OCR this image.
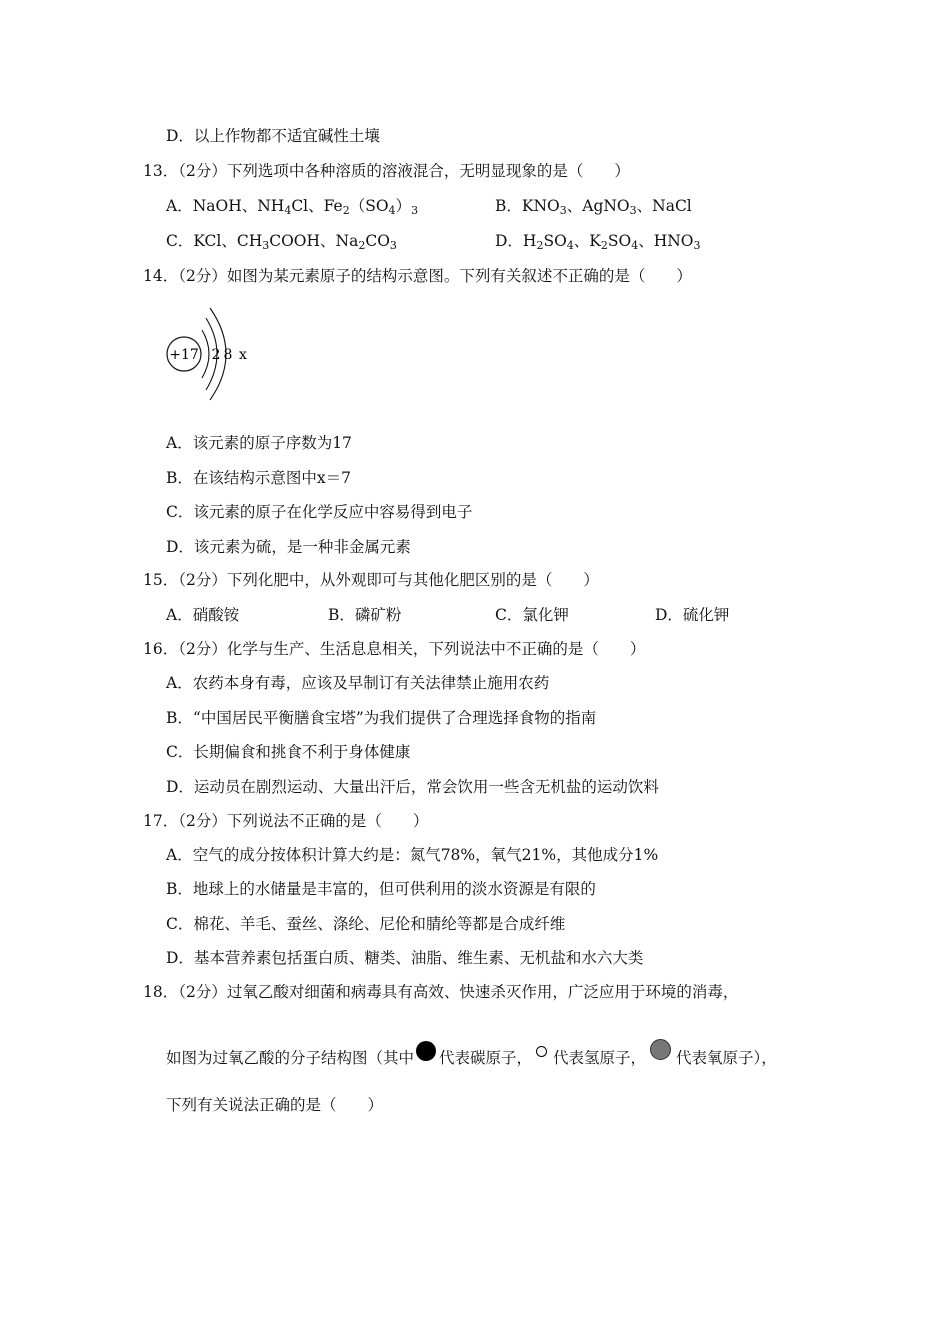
D．以上作物都不适宜碱性土壤
13．（2分）下列选项中各种溶质的溶液混合，无明显现象的是（　　）
A．NaOH、$NH_4Cl$、$Fe_2(SO_4)_3$	B．$KNO_3$、AgNO$_3$、NaCl
C．KCl、$CH_3COOH$、$Na_2CO_3$	D．$H_2SO_4$、$K_2SO_4$、$HNO_3$
14．（2分）如图为某元素原子的结构示意图。下列有关叙述不正确的是（　　）
+17 2 8 x
A．该元素的原子序数为17
B．在该结构示意图中x＝7
C．该元素的原子在化学反应中容易得到电子
D．该元素为硫，是一种非金属元素
15．（2分）下列化肥中，从外观即可与其他化肥区别的是（　　）
A．硝酸铵	B．磷矿粉	C．氯化钾	D．硫化钾
16．（2分）化学与生产、生活息息相关，下列说法中不正确的是（　　）
A．农药本身有毒，应该及早制订有关法律禁止施用农药
B．“中国居民平衡膳食宝塔”为我们提供了合理选择食物的指南
C．长期偏食和挑食不利于身体健康
D．运动员在剧烈运动、大量出汗后，常会饮用一些含无机盐的运动饮料
17．（2分）下列说法不正确的是（　　）
A．空气的成分按体积计算大约是：氮气78%，氧气21%，其他成分1%
B．地球上的水储量是丰富的，但可供利用的淡水资源是有限的
C．棉花、羊毛、蚕丝、涤纶、尼伦和腈纶等都是合成纤维
D．基本营养素包括蛋白质、糖类、油脂、维生素、无机盐和水六大类
18．（2分）过氧乙酸对细菌和病毒具有高效、快速杀灭作用，广泛应用于环境的消毒，
如图为过氧乙酸的分子结构图（其中 代表碳原子， 代表氢原子， 代表氧原子），
下列有关说法正确的是（　　）
